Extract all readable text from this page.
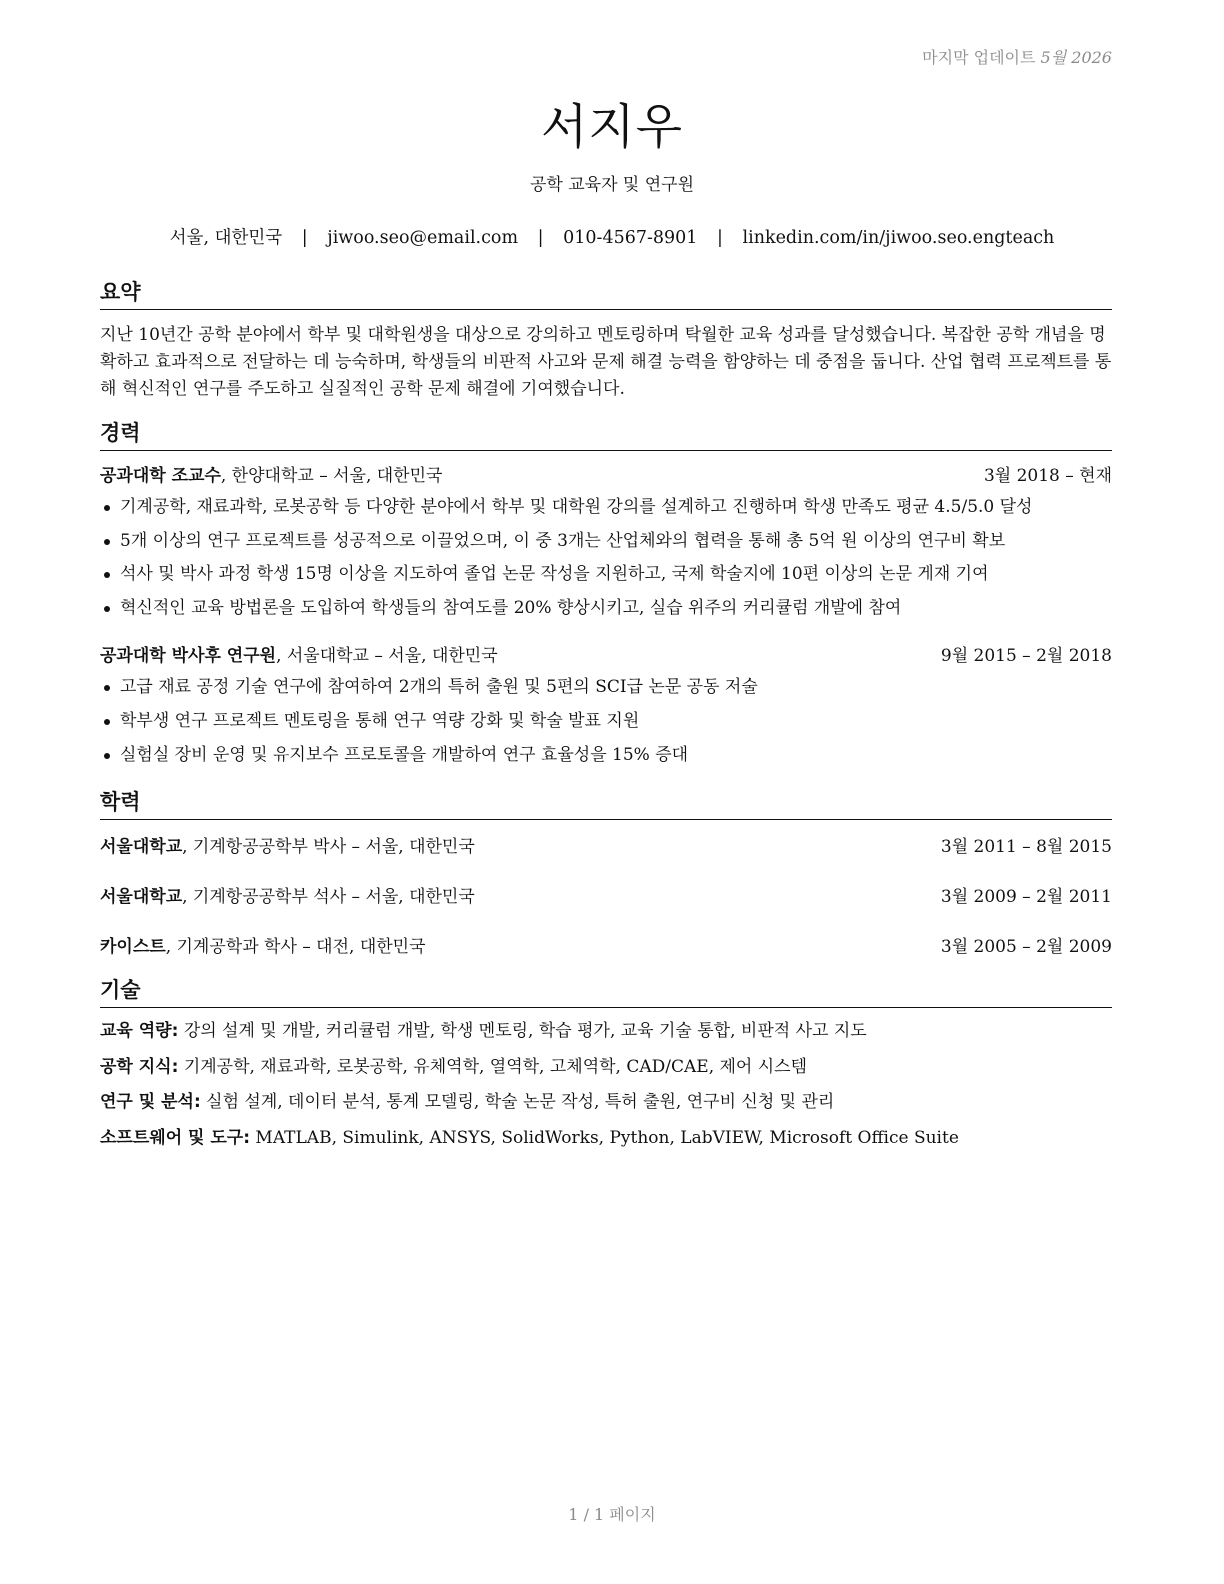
마지막 업데이트 5월 2026
서지우

공학 교육자 및 연구원

서울, 대한민국 | jiwoo.seo@email.com | 010-4567-8901 | linkedin.com/in/jiwoo.seo.engteach
요약

지난 10년간 공학 분야에서 학부 및 대학원생을 대상으로 강의하고 멘토링하며 탁월한 교육 성과를 달성했습니다. 복잡한 공학 개념을 명확하고 효과적으로 전달하는 데 능숙하며, 학생들의 비판적 사고와 문제 해결 능력을 함양하는 데 중점을 둡니다. 산업 협력 프로젝트를 통해 혁신적인 연구를 주도하고 실질적인 공학 문제 해결에 기여했습니다.

경력
공과대학 조교수, 한양대학교 – 서울, 대한민국	3월 2018 – 현재
기계공학, 재료과학, 로봇공학 등 다양한 분야에서 학부 및 대학원 강의를 설계하고 진행하며 학생 만족도 평균 4.5/5.0 달성
5개 이상의 연구 프로젝트를 성공적으로 이끌었으며, 이 중 3개는 산업체와의 협력을 통해 총 5억 원 이상의 연구비 확보
석사 및 박사 과정 학생 15명 이상을 지도하여 졸업 논문 작성을 지원하고, 국제 학술지에 10편 이상의 논문 게재 기여
혁신적인 교육 방법론을 도입하여 학생들의 참여도를 20% 향상시키고, 실습 위주의 커리큘럼 개발에 참여
공과대학 박사후 연구원, 서울대학교 – 서울, 대한민국	9월 2015 – 2월 2018
고급 재료 공정 기술 연구에 참여하여 2개의 특허 출원 및 5편의 SCI급 논문 공동 저술
학부생 연구 프로젝트 멘토링을 통해 연구 역량 강화 및 학술 발표 지원
실험실 장비 운영 및 유지보수 프로토콜을 개발하여 연구 효율성을 15% 증대
학력
서울대학교, 기계항공공학부 박사 – 서울, 대한민국	3월 2011 – 8월 2015
서울대학교, 기계항공공학부 석사 – 서울, 대한민국	3월 2009 – 2월 2011
카이스트, 기계공학과 학사 – 대전, 대한민국	3월 2005 – 2월 2009
기술
교육 역량: 강의 설계 및 개발, 커리큘럼 개발, 학생 멘토링, 학습 평가, 교육 기술 통합, 비판적 사고 지도
공학 지식: 기계공학, 재료과학, 로봇공학, 유체역학, 열역학, 고체역학, CAD/CAE, 제어 시스템
연구 및 분석: 실험 설계, 데이터 분석, 통계 모델링, 학술 논문 작성, 특허 출원, 연구비 신청 및 관리
소프트웨어 및 도구: MATLAB, Simulink, ANSYS, SolidWorks, Python, LabVIEW, Microsoft Office Suite
1 / 1 페이지
